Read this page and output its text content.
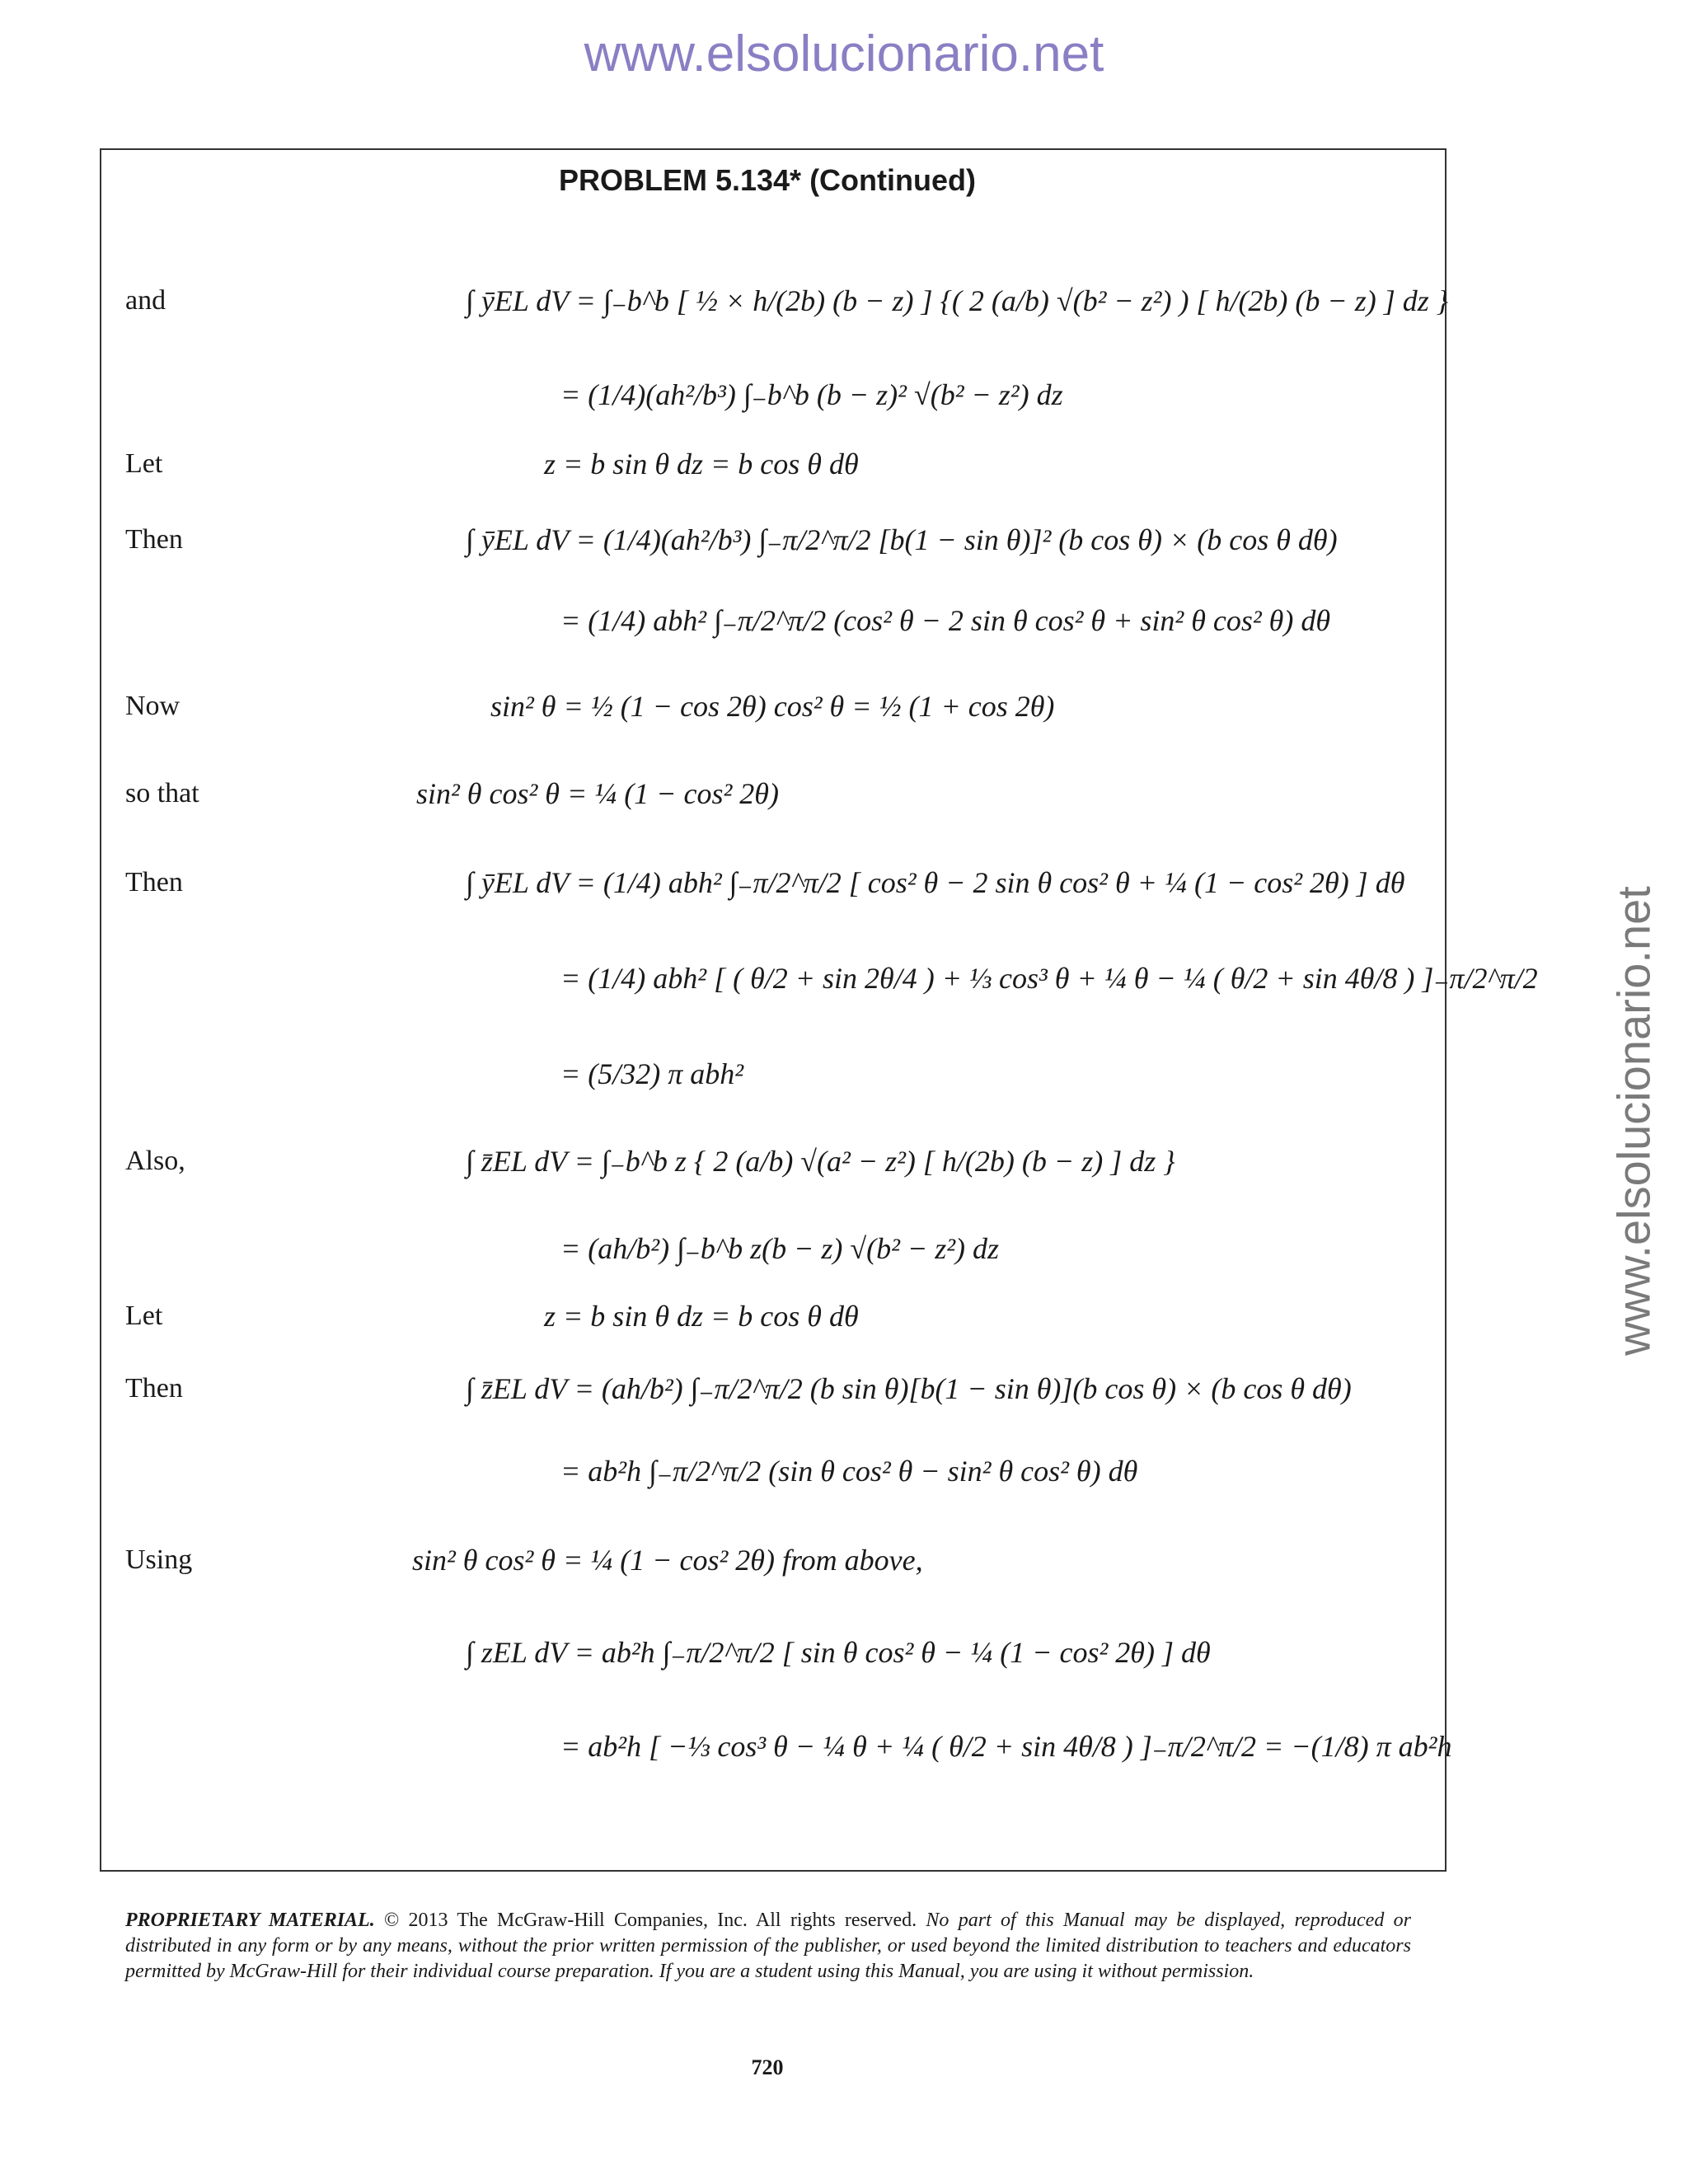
www.elsolucionario.net
www.elsolucionario.net
PROBLEM 5.134* (Continued)
and	∫ ȳEL dV = ∫₋b^b [ ½ × h/(2b) (b − z) ] {( 2 (a/b) √(b² − z²) ) [ h/(2b) (b − z) ] dz }
= (1/4)(ah²/b³) ∫₋b^b (b − z)² √(b² − z²) dz
Let	z = b sin θ dz = b cos θ dθ
Then	∫ ȳEL dV = (1/4)(ah²/b³) ∫₋π/2^π/2 [b(1 − sin θ)]² (b cos θ) × (b cos θ dθ)
= (1/4) abh² ∫₋π/2^π/2 (cos² θ − 2 sin θ cos² θ + sin² θ cos² θ) dθ
Now	sin² θ = ½ (1 − cos 2θ) cos² θ = ½ (1 + cos 2θ)
so that	sin² θ cos² θ = ¼ (1 − cos² 2θ)
Then	∫ ȳEL dV = (1/4) abh² ∫₋π/2^π/2 [ cos² θ − 2 sin θ cos² θ + ¼ (1 − cos² 2θ) ] dθ
= (1/4) abh² [ ( θ/2 + sin 2θ/4 ) + ⅓ cos³ θ + ¼ θ − ¼ ( θ/2 + sin 4θ/8 ) ]₋π/2^π/2
= (5/32) π abh²
Also,	∫ z̄EL dV = ∫₋b^b z { 2 (a/b) √(a² − z²) [ h/(2b) (b − z) ] dz }
= (ah/b²) ∫₋b^b z(b − z) √(b² − z²) dz
Let	z = b sin θ dz = b cos θ dθ
Then	∫ z̄EL dV = (ah/b²) ∫₋π/2^π/2 (b sin θ)[b(1 − sin θ)](b cos θ) × (b cos θ dθ)
= ab²h ∫₋π/2^π/2 (sin θ cos² θ − sin² θ cos² θ) dθ
Using	sin² θ cos² θ = ¼ (1 − cos² 2θ) from above,
∫ zEL dV = ab²h ∫₋π/2^π/2 [ sin θ cos² θ − ¼ (1 − cos² 2θ) ] dθ
= ab²h [ −⅓ cos³ θ − ¼ θ + ¼ ( θ/2 + sin 4θ/8 ) ]₋π/2^π/2 = −(1/8) π ab²h
PROPRIETARY MATERIAL. © 2013 The McGraw-Hill Companies, Inc. All rights reserved. No part of this Manual may be displayed, reproduced or distributed in any form or by any means, without the prior written permission of the publisher, or used beyond the limited distribution to teachers and educators permitted by McGraw-Hill for their individual course preparation. If you are a student using this Manual, you are using it without permission.
720
